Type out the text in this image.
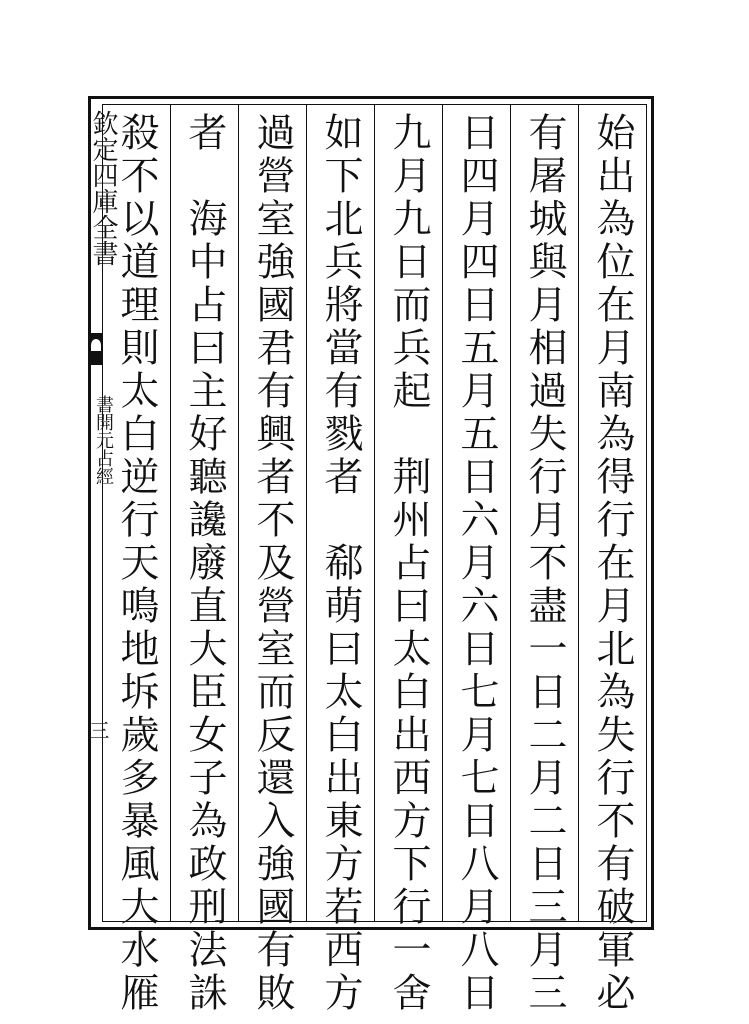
欽定四庫全書
書開元占經
三	始出為位在月南為得行在月北為失行不有破軍必
有屠城與月相過失行月不盡一日二月二日三月三
日四月四日五月五日六月六日七月七日八月八日
九月九日而兵起　荆州占曰太白出西方下行一舍
如下北兵將當有戮者　郗萌曰太白出東方若西方
過營室強國君有興者不及營室而反還入強國有敗
者　海中占曰主好聽讒廢直大臣女子為政刑法誅
殺不以道理則太白逆行天鳴地坼歲多暴風大水雁
